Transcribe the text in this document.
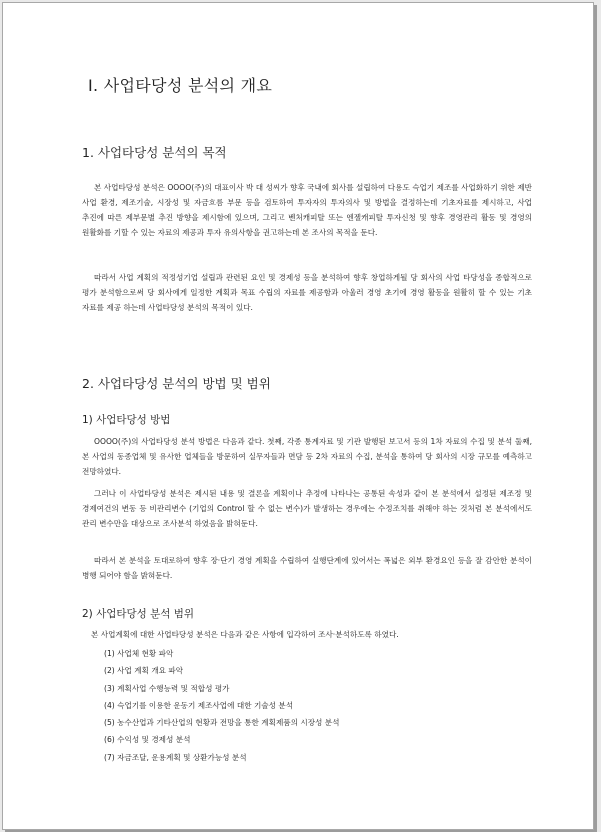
Ⅰ. 사업타당성 분석의 개요
1. 사업타당성 분석의 목적

본 사업타당성 분석은 OOOO(주)의 대표이사 박 대 성씨가 향후 국내에 회사를 설립하여 다용도 슥업기 제조를 사업화하기 위한 제반 사업 환경, 제조기술, 시장성 및 자금흐름 부문 등을 검토하여 투자자의 투자의사 및 방법을 결정하는데 기초자료를 제시하고, 사업 추진에 따른 제부문별 추진 방향을 제시함에 있으며, 그리고 벤처캐피탈 또는 엔젤캐피탈 투자신청 및 향후 경영관리 활동 및 경영의 원활화를 기할 수 있는 자료의 제공과 투자 유의사항을 권고하는데 본 조사의 목적을 둔다.

따라서 사업 계획의 적정성기업 설립과 관련된 요인 및 경제성 등을 분석하여 향후 창업하게될 당 회사의 사업 타당성을 종합적으로 평가 분석함으로써 당 회사에게 일정한 계획과 목표 수립의 자료를 제공함과 아울러 경영 초기에 경영 활동을 원활히 할 수 있는 기초 자료를 제공 하는데 사업타당성 분석의 목적이 있다.

2. 사업타당성 분석의 방법 및 범위
1) 사업타당성 방법

OOOO(주)의 사업타당성 분석 방법은 다음과 같다. 첫째, 각종 통계자료 및 기관 발행된 보고서 등의 1차 자료의 수집 및 분석 둘째, 본 사업의 동종업체 및 유사한 업체들을 방문하여 실무자들과 면담 등 2차 자료의 수집, 분석을 통하여 당 회사의 시장 규모를 예측하고 전망하였다.

그러나 이 사업타당성 분석은 제시된 내용 및 결론을 계획이나 추정에 나타나는 공통된 속성과 같이 본 분석에서 설정된 제조정 및 경제여건의 변동 등 비관리변수 (기업의 Control 할 수 없는 변수)가 발생하는 경우에는 수정조치를 취해야 하는 것처럼 본 분석에서도 관리 변수만을 대상으로 조사분석 하였음을 밝혀둔다.

따라서 본 분석을 토대로하여 향후 장·단기 경영 계획을 수립하여 실행단계에 있어서는 폭넓은 외부 환경요인 등을 잘 감안한 분석이 병행 되어야 함을 밝혀둔다.

2) 사업타당성 분석 범위

본 사업계획에 대한 사업타당성 분석은 다음과 같은 사항에 입각하여 조사·분석하도록 하였다.

(1) 사업체 현황 파악
(2) 사업 계획 개요 파악
(3) 계획사업 수행능력 및 적합성 평가
(4) 슥업기를 이용한 운동기 제조사업에 대한 기술성 분석
(5) 농수산업과 기타산업의 현황과 전망을 통한 계획제품의 시장성 분석
(6) 수익성 및 경제성 분석
(7) 자금조달, 운용계획 및 상환가능성 분석
